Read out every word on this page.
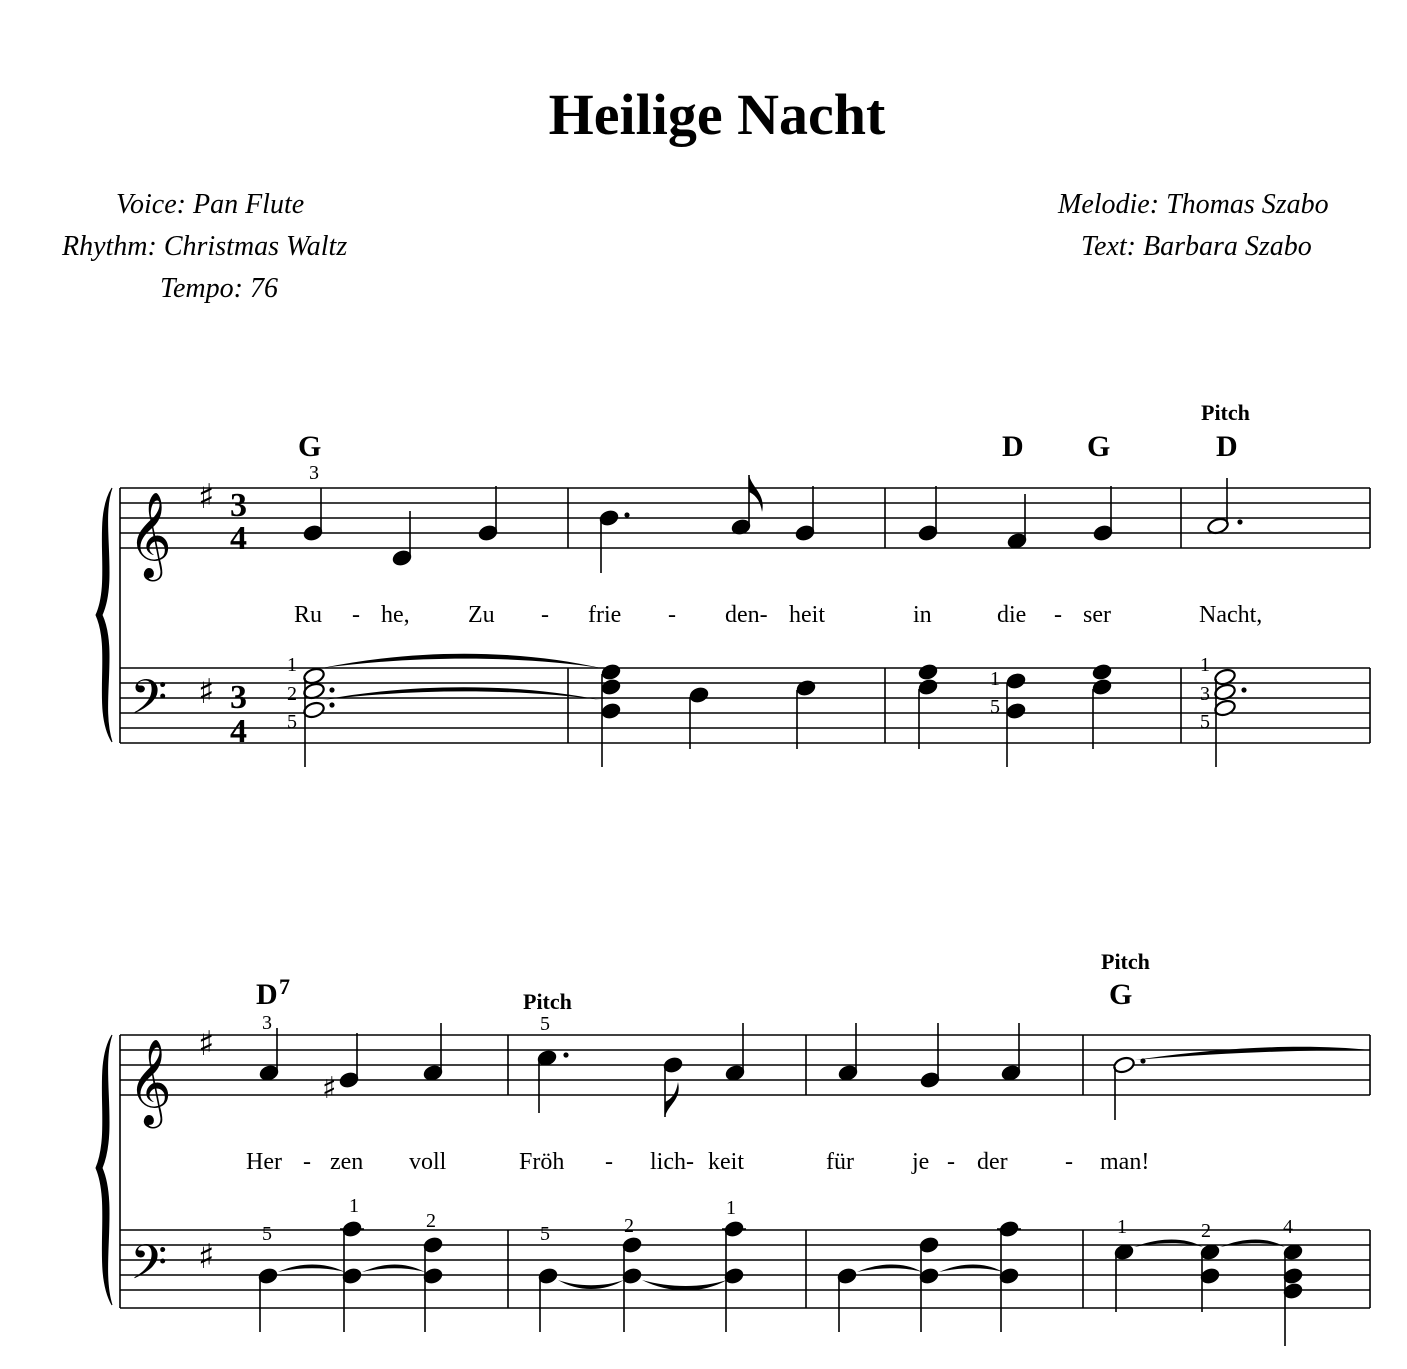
Heilige Nacht
Voice: Pan Flute
Rhythm: Christmas Waltz
Tempo: 76
Melodie: Thomas Szabo
Text: Barbara Szabo
𝄞 ♯ 3
4
𝄢 ♯ 3
4
G	D G	D
Pitch
3
Ru - he, Zu - frie - den- heit	in	die - ser	Nacht,
1
2
5
1
5
1
3
5
𝄞 ♯
𝄢 ♯
D 7	G
Pitch
Pitch
3	5
♯
Her - zen voll	Fröh - lich- keit	für je - der - man!
5
1
2
5	2
1
1	2	4
